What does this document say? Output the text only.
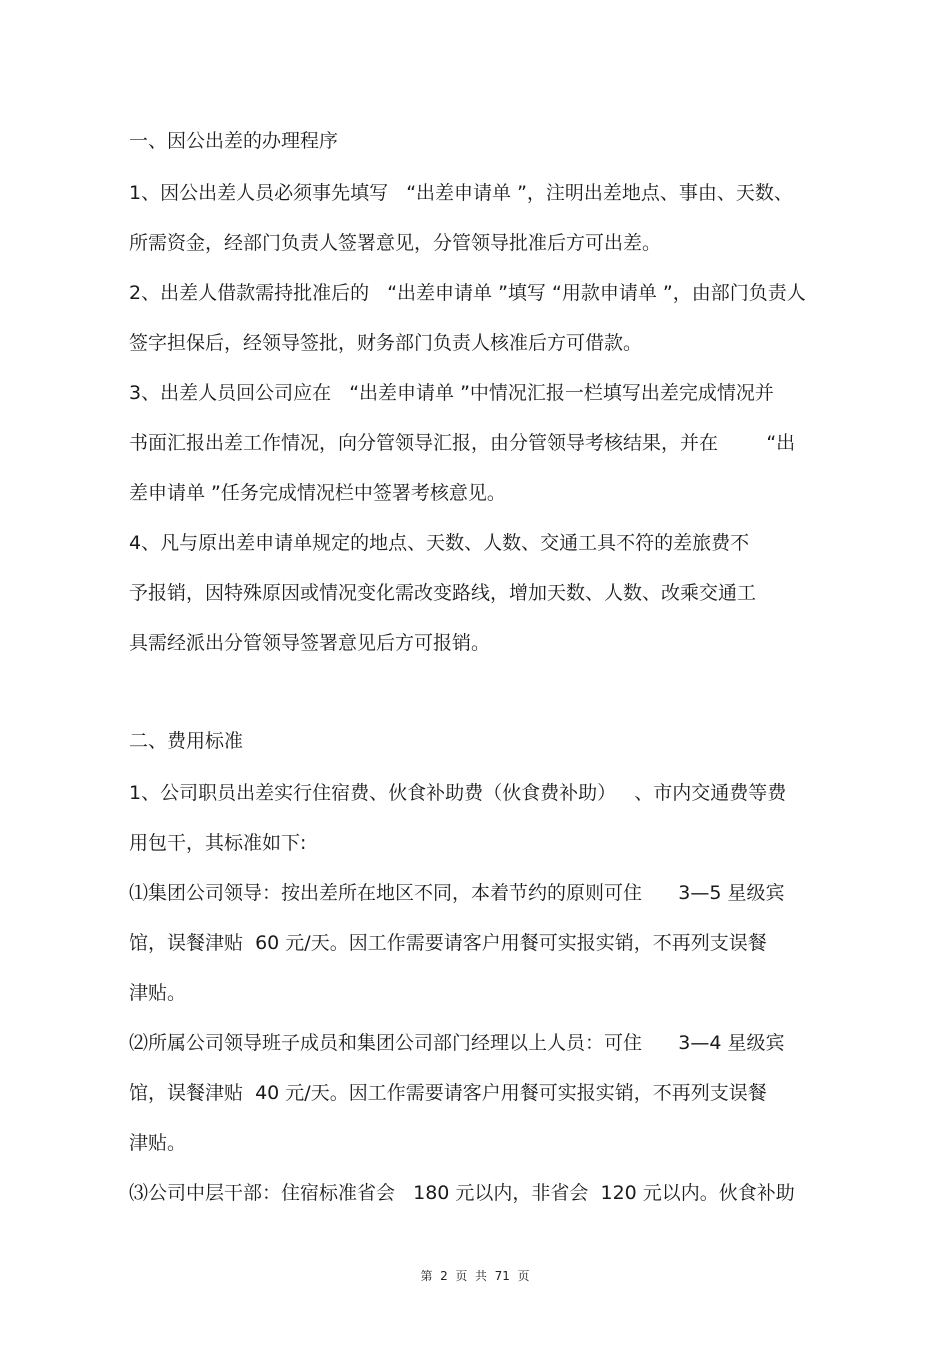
一、因公出差的办理程序

1、因公出差人员必须事先填写   “出差申请单 ”，注明出差地点、事由、天数、

所需资金，经部门负责人签署意见，分管领导批准后方可出差。

2、出差人借款需持批准后的   “出差申请单 ”填写 “用款申请单 ”，由部门负责人

签字担保后，经领导签批，财务部门负责人核准后方可借款。

3、出差人员回公司应在   “出差申请单 ”中情况汇报一栏填写出差完成情况并

书面汇报出差工作情况，向分管领导汇报，由分管领导考核结果，并在        “出

差申请单 ”任务完成情况栏中签署考核意见。

4、凡与原出差申请单规定的地点、天数、人数、交通工具不符的差旅费不

予报销，因特殊原因或情况变化需改变路线，增加天数、人数、改乘交通工

具需经派出分管领导签署意见后方可报销。

二、费用标准

1、公司职员出差实行住宿费、伙食补助费（伙食费补助）   、市内交通费等费

用包干，其标准如下:

⑴集团公司领导：按出差所在地区不同，本着节约的原则可住      3—5 星级宾

馆，误餐津贴  60 元/天。因工作需要请客户用餐可实报实销，不再列支误餐

津贴。

⑵所属公司领导班子成员和集团公司部门经理以上人员：可住      3—4 星级宾

馆，误餐津贴  40 元/天。因工作需要请客户用餐可实报实销，不再列支误餐

津贴。

⑶公司中层干部：住宿标准省会   180 元以内，非省会  120 元以内。伙食补助

第  2  页  共  71  页
